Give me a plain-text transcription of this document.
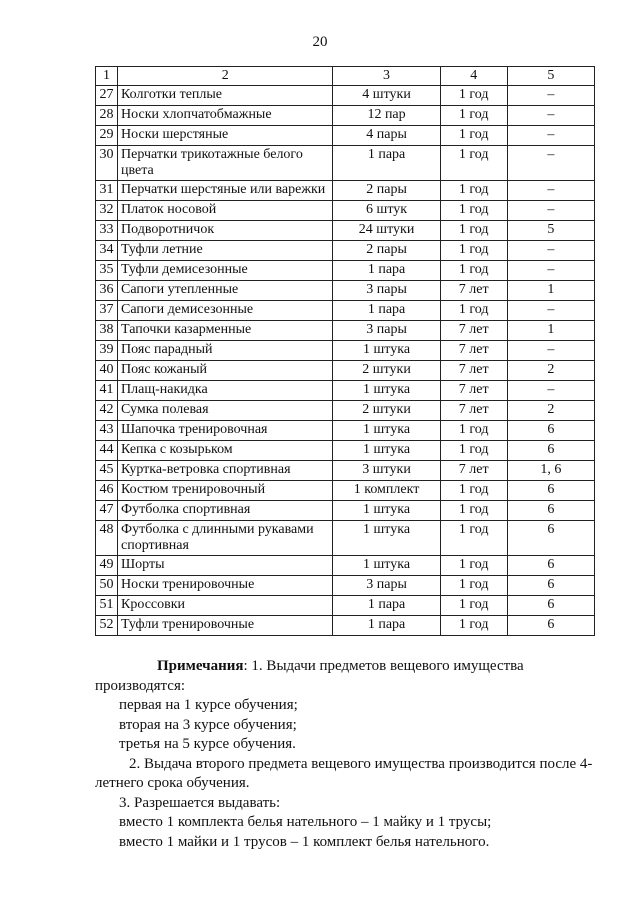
20
1	2	3	4	5
27	Колготки теплые	4 штуки	1 год	–
28	Носки хлопчатобмажные	12 пар	1 год	–
29	Носки шерстяные	4 пары	1 год	–
30	Перчатки трикотажные белого цвета	1 пара	1 год	–
31	Перчатки шерстяные или варежки	2 пары	1 год	–
32	Платок носовой	6 штук	1 год	–
33	Подворотничок	24 штуки	1 год	5
34	Туфли летние	2 пары	1 год	–
35	Туфли демисезонные	1 пара	1 год	–
36	Сапоги утепленные	3 пары	7 лет	1
37	Сапоги демисезонные	1 пара	1 год	–
38	Тапочки казарменные	3 пары	7 лет	1
39	Пояс парадный	1 штука	7 лет	–
40	Пояс кожаный	2 штуки	7 лет	2
41	Плащ-накидка	1 штука	7 лет	–
42	Сумка полевая	2 штуки	7 лет	2
43	Шапочка тренировочная	1 штука	1 год	6
44	Кепка с козырьком	1 штука	1 год	6
45	Куртка-ветровка спортивная	3 штуки	7 лет	1, 6
46	Костюм тренировочный	1 комплект	1 год	6
47	Футболка спортивная	1 штука	1 год	6
48	Футболка с длинными рукавами спортивная	1 штука	1 год	6
49	Шорты	1 штука	1 год	6
50	Носки тренировочные	3 пары	1 год	6
51	Кроссовки	1 пара	1 год	6
52	Туфли тренировочные	1 пара	1 год	6

Примечания: 1. Выдачи предметов вещевого имущества производятся:

первая на 1 курсе обучения;

вторая на 3 курсе обучения;

третья на 5 курсе обучения.

2. Выдача второго предмета вещевого имущества производится после 4-летнего срока обучения.

3. Разрешается выдавать:

вместо 1 комплекта белья нательного – 1 майку и 1 трусы;

вместо 1 майки и 1 трусов – 1 комплект белья нательного.
